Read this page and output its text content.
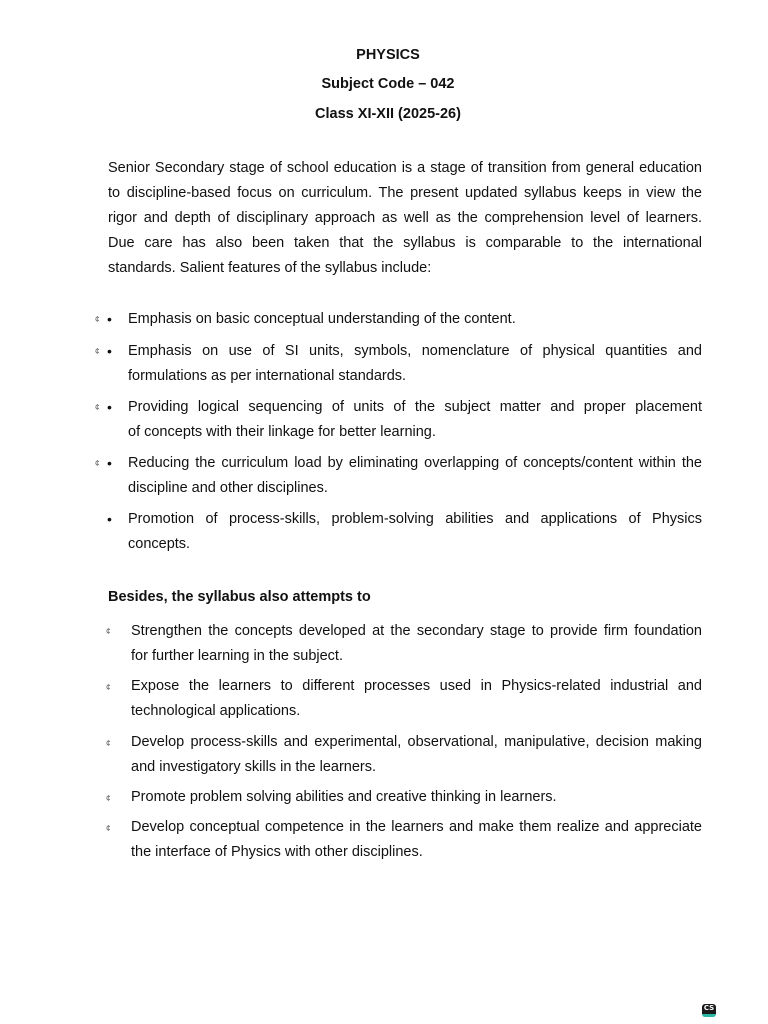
PHYSICS
Subject Code – 042
Class XI-XII (2025-26)
Senior Secondary stage of school education is a stage of transition from general education
to discipline-based focus on curriculum. The present updated syllabus keeps in view the
rigor and depth of disciplinary approach as well as the comprehension level of learners.
Due care has also been taken that the syllabus is comparable to the international
standards. Salient features of the syllabus include:
¢ • Emphasis on basic conceptual understanding of the content.
¢ • Emphasis on use of SI units, symbols, nomenclature of physical quantities and
formulations as per international standards.
¢ • Providing logical sequencing of units of the subject matter and proper placement
of concepts with their linkage for better learning.
¢ • Reducing the curriculum load by eliminating overlapping of concepts/content within the
discipline and other disciplines.
• Promotion of process-skills, problem-solving abilities and applications of Physics
concepts.
Besides, the syllabus also attempts to
¢ Strengthen the concepts developed at the secondary stage to provide firm foundation
for further learning in the subject.
¢ Expose the learners to different processes used in Physics-related industrial and
technological applications.
¢ Develop process-skills and experimental, observational, manipulative, decision making
and investigatory skills in the learners.
¢ Promote problem solving abilities and creative thinking in learners.
¢ Develop conceptual competence in the learners and make them realize and appreciate
the interface of Physics with other disciplines.
CS
